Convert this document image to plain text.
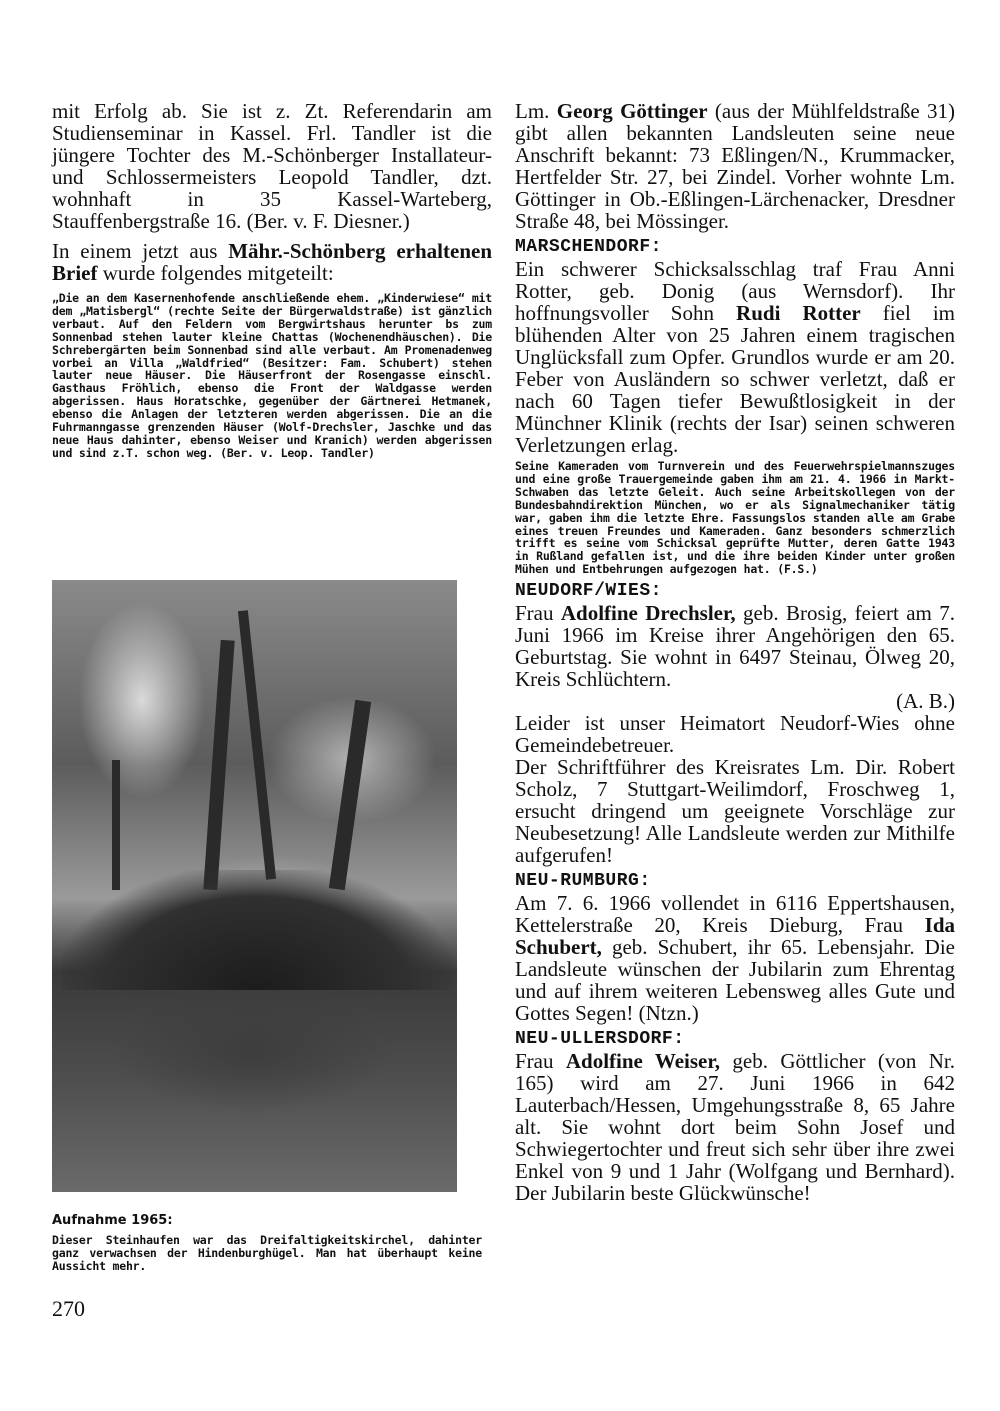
mit Erfolg ab. Sie ist z. Zt. Referendarin am Studienseminar in Kassel. Frl. Tandler ist die jüngere Tochter des M.-Schönberger Installateur- und Schlossermeisters Leopold Tandler, dzt. wohnhaft in 35 Kassel-Warteberg, Stauffenbergstraße 16. (Ber. v. F. Diesner.)

In einem jetzt aus Mähr.-Schönberg erhaltenen Brief wurde folgendes mitgeteilt:

„Die an dem Kasernenhofende anschließende ehem. „Kinderwiese“ mit dem „Matisbergl“ (rechte Seite der Bürgerwaldstraße) ist gänzlich verbaut. Auf den Feldern vom Bergwirtshaus herunter bs zum Sonnenbad stehen lauter kleine Chattas (Wochenendhäuschen). Die Schrebergärten beim Sonnenbad sind alle verbaut. Am Promenadenweg vorbei an Villa „Waldfried“ (Besitzer: Fam. Schubert) stehen lauter neue Häuser. Die Häuserfront der Rosengasse einschl. Gasthaus Fröhlich, ebenso die Front der Waldgasse werden abgerissen. Haus Horatschke, gegenüber der Gärtnerei Hetmanek, ebenso die Anlagen der letzteren werden abgerissen. Die an die Fuhrmanngasse grenzenden Häuser (Wolf-Drechsler, Jaschke und das neue Haus dahinter, ebenso Weiser und Kranich) werden abgerissen und sind z.T. schon weg. (Ber. v. Leop. Tandler)

Aufnahme 1965:

Dieser Steinhaufen war das Dreifaltigkeitskirchel, dahinter ganz verwachsen der Hindenburghügel. Man hat überhaupt keine Aussicht mehr.

270

Lm. Georg Göttinger (aus der Mühlfeldstraße 31) gibt allen bekannten Landsleuten seine neue Anschrift bekannt: 73 Eßlingen/N., Krummacker, Hertfelder Str. 27, bei Zindel. Vorher wohnte Lm. Göttinger in Ob.-Eßlingen-Lärchenacker, Dresdner Straße 48, bei Mössinger.

MARSCHENDORF:

Ein schwerer Schicksalsschlag traf Frau Anni Rotter, geb. Donig (aus Wernsdorf). Ihr hoffnungsvoller Sohn Rudi Rotter fiel im blühenden Alter von 25 Jahren einem tragischen Unglücksfall zum Opfer. Grundlos wurde er am 20. Feber von Ausländern so schwer verletzt, daß er nach 60 Tagen tiefer Bewußtlosigkeit in der Münchner Klinik (rechts der Isar) seinen schweren Verletzungen erlag.

Seine Kameraden vom Turnverein und des Feuerwehrspielmannszuges und eine große Trauergemeinde gaben ihm am 21. 4. 1966 in Markt-Schwaben das letzte Geleit. Auch seine Arbeitskollegen von der Bundesbahndirektion München, wo er als Signalmechaniker tätig war, gaben ihm die letzte Ehre. Fassungslos standen alle am Grabe eines treuen Freundes und Kameraden. Ganz besonders schmerzlich trifft es seine vom Schicksal geprüfte Mutter, deren Gatte 1943 in Rußland gefallen ist, und die ihre beiden Kinder unter großen Mühen und Entbehrungen aufgezogen hat. (F.S.)

NEUDORF/WIES:

Frau Adolfine Drechsler, geb. Brosig, feiert am 7. Juni 1966 im Kreise ihrer Angehörigen den 65. Geburtstag. Sie wohnt in 6497 Steinau, Ölweg 20, Kreis Schlüchtern.

(A. B.)

Leider ist unser Heimatort Neudorf-Wies ohne Gemeindebetreuer.

Der Schriftführer des Kreisrates Lm. Dir. Robert Scholz, 7 Stuttgart-Weilimdorf, Froschweg 1, ersucht dringend um geeignete Vorschläge zur Neubesetzung! Alle Landsleute werden zur Mithilfe aufgerufen!

NEU-RUMBURG:

Am 7. 6. 1966 vollendet in 6116 Eppertshausen, Kettelerstraße 20, Kreis Dieburg, Frau Ida Schubert, geb. Schubert, ihr 65. Lebensjahr. Die Landsleute wünschen der Jubilarin zum Ehrentag und auf ihrem weiteren Lebensweg alles Gute und Gottes Segen! (Ntzn.)

NEU-ULLERSDORF:

Frau Adolfine Weiser, geb. Göttlicher (von Nr. 165) wird am 27. Juni 1966 in 642 Lauterbach/Hessen, Umgehungsstraße 8, 65 Jahre alt. Sie wohnt dort beim Sohn Josef und Schwiegertochter und freut sich sehr über ihre zwei Enkel von 9 und 1 Jahr (Wolfgang und Bernhard). Der Jubilarin beste Glückwünsche!
